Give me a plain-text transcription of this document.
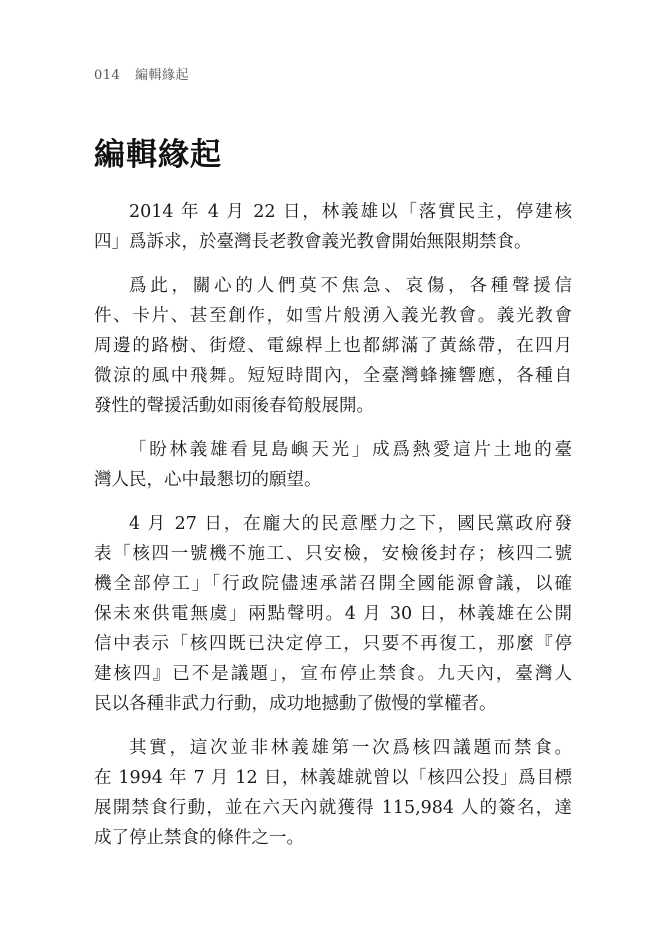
014 編輯緣起
編輯緣起

2014 年 4 月 22 日，林義雄以「落實民主，停建核
四」爲訴求，於臺灣長老教會義光教會開始無限期禁食。

爲此，關心的人們莫不焦急、哀傷，各種聲援信
件、卡片、甚至創作，如雪片般湧入義光教會。義光教會
周邊的路樹、街燈、電線桿上也都綁滿了黃絲帶，在四月
微涼的風中飛舞。短短時間內，全臺灣蜂擁響應，各種自
發性的聲援活動如雨後春筍般展開。

「盼林義雄看見島嶼天光」成爲熱愛這片土地的臺
灣人民，心中最懇切的願望。

4 月 27 日，在龐大的民意壓力之下，國民黨政府發
表「核四一號機不施工、只安檢，安檢後封存；核四二號
機全部停工」「行政院儘速承諾召開全國能源會議，以確
保未來供電無虞」兩點聲明。4 月 30 日，林義雄在公開
信中表示「核四既已決定停工，只要不再復工，那麼『停
建核四』已不是議題」，宣布停止禁食。九天內，臺灣人
民以各種非武力行動，成功地撼動了傲慢的掌權者。

其實，這次並非林義雄第一次爲核四議題而禁食。
在 1994 年 7 月 12 日，林義雄就曾以「核四公投」爲目標
展開禁食行動，並在六天內就獲得 115,984 人的簽名，達
成了停止禁食的條件之一。
